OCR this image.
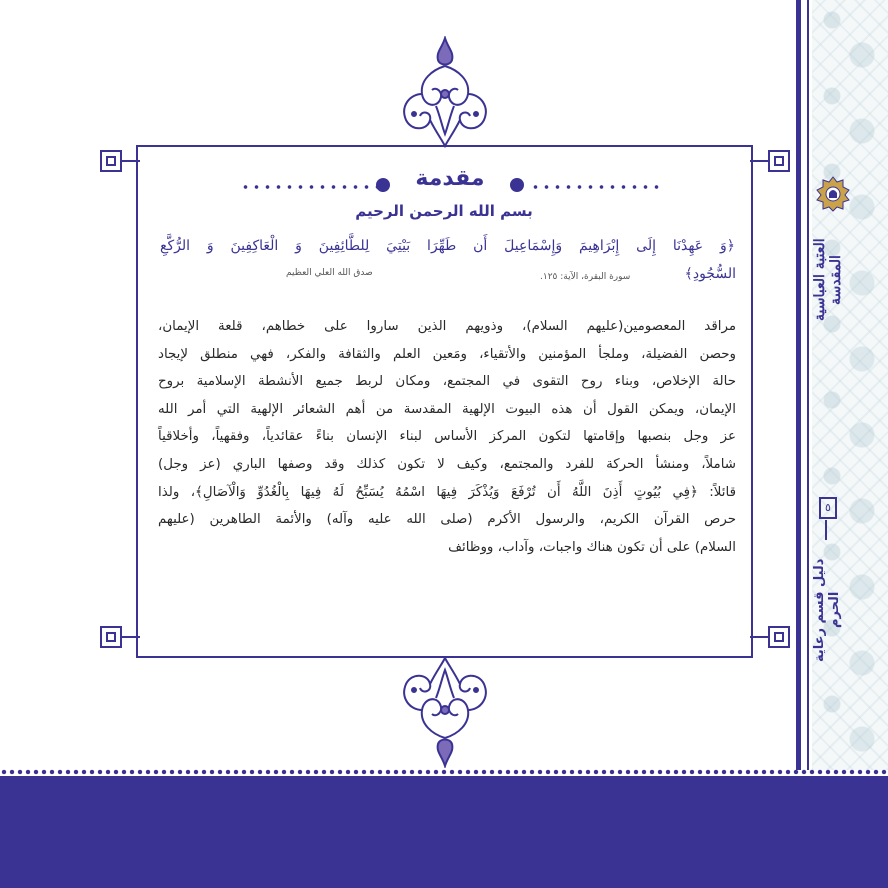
العتبة العباسية المقدسة
٥
دليل قسم رعاية الحرم
مقدمة
بسم الله الرحمن الرحيم
﴿وَ عَهِدْنَا إِلَى إِبْرَاهِيمَ وَإِسْمَاعِيلَ أَن طَهِّرَا بَيْتِيَ لِلطَّائِفِينَ وَ الْعَاكِفِينَ وَ الرُّكَّعِ
السُّجُودِ﴾
سورة البقرة، الآية: ١٢٥.
صدق الله العلي العظيم

مراقد المعصومين(عليهم السلام)، وذويهم الذين ساروا على خطاهم، قلعة الإيمان،

وحصن الفضيلة، وملجأ المؤمنين والأتقياء، ومَعين العلم والثقافة والفكر، فهي منطلق لإيجاد

حالة الإخلاص، وبناء روح التقوى في المجتمع، ومكان لربط جميع الأنشطة الإسلامية بروح

الإيمان، ويمكن القول أن هذه البيوت الإلهية المقدسة من أهم الشعائر الإلهية التي أمر الله

عز وجل بنصبها وإقامتها لتكون المركز الأساس لبناء الإنسان بناءً عقائدياً، وفقهياً، وأخلاقياً

شاملاً، ومنشأ الحركة للفرد والمجتمع، وكيف لا تكون كذلك وقد وصفها الباري (عز وجل)

قائلاً: ﴿فِي بُيُوتٍ أَذِنَ اللَّهُ أَن تُرْفَعَ وَيُذْكَرَ فِيهَا اسْمُهُ يُسَبِّحُ لَهُ فِيهَا بِالْغُدُوِّ وَالْآصَالِ﴾، ولذا

حرص القرآن الكريم، والرسول الأكرم (صلى الله عليه وآله) والأئمة الطاهرين (عليهم

السلام) على أن تكون هناك واجبات، وآداب، ووظائف
